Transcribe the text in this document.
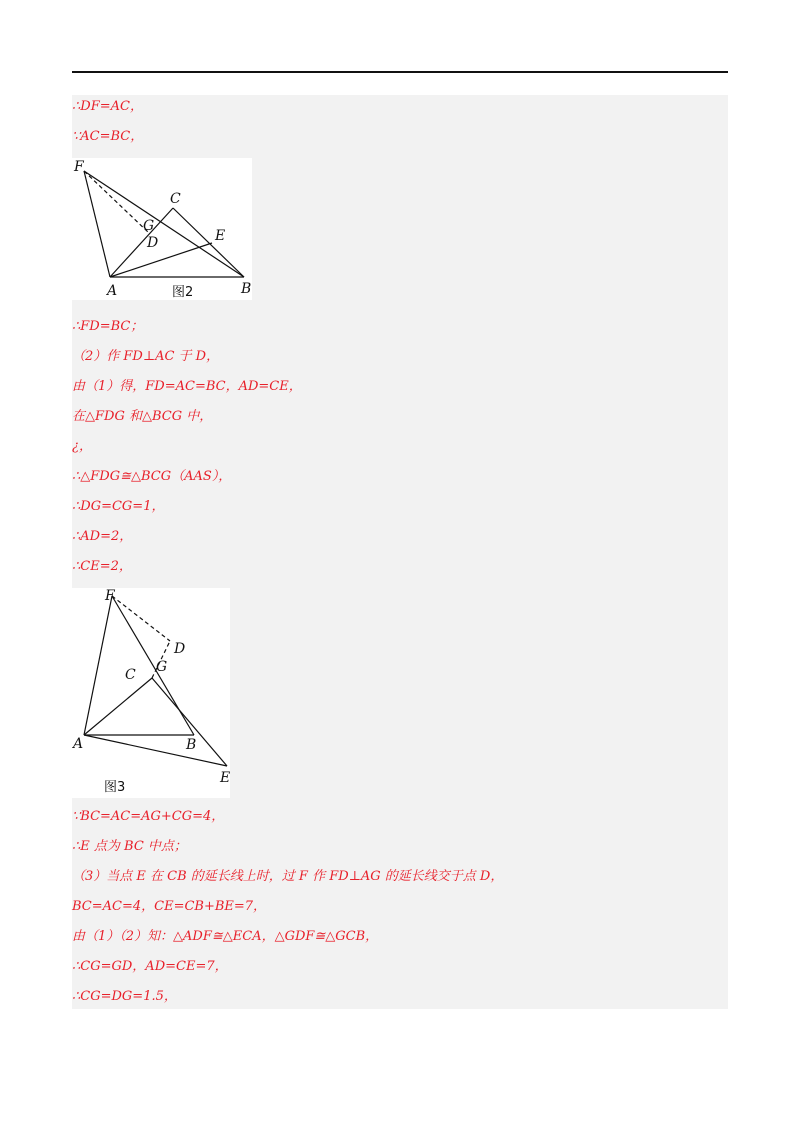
∴DF=AC，
∵AC=BC，
F
C
G
D	E
A	B
图2
∴FD=BC；
（2）作 FD⊥AC 于 D，
由（1）得，FD=AC=BC，AD=CE，
在△FDG 和△BCG 中，
¿，
∴△FDG≅△BCG（AAS），
∴DG=CG=1，
∴AD=2，
∴CE=2，
F
D
G
C
A	B
E
图3
∵BC=AC=AG+CG=4，
∴E 点为 BC 中点；
（3）当点 E 在 CB 的延长线上时，过 F 作 FD⊥AG 的延长线交于点 D，
BC=AC=4，CE=CB+BE=7，
由（1）（2）知：△ADF≅△ECA，△GDF≅△GCB，
∴CG=GD，AD=CE=7，
∴CG=DG=1.5，
